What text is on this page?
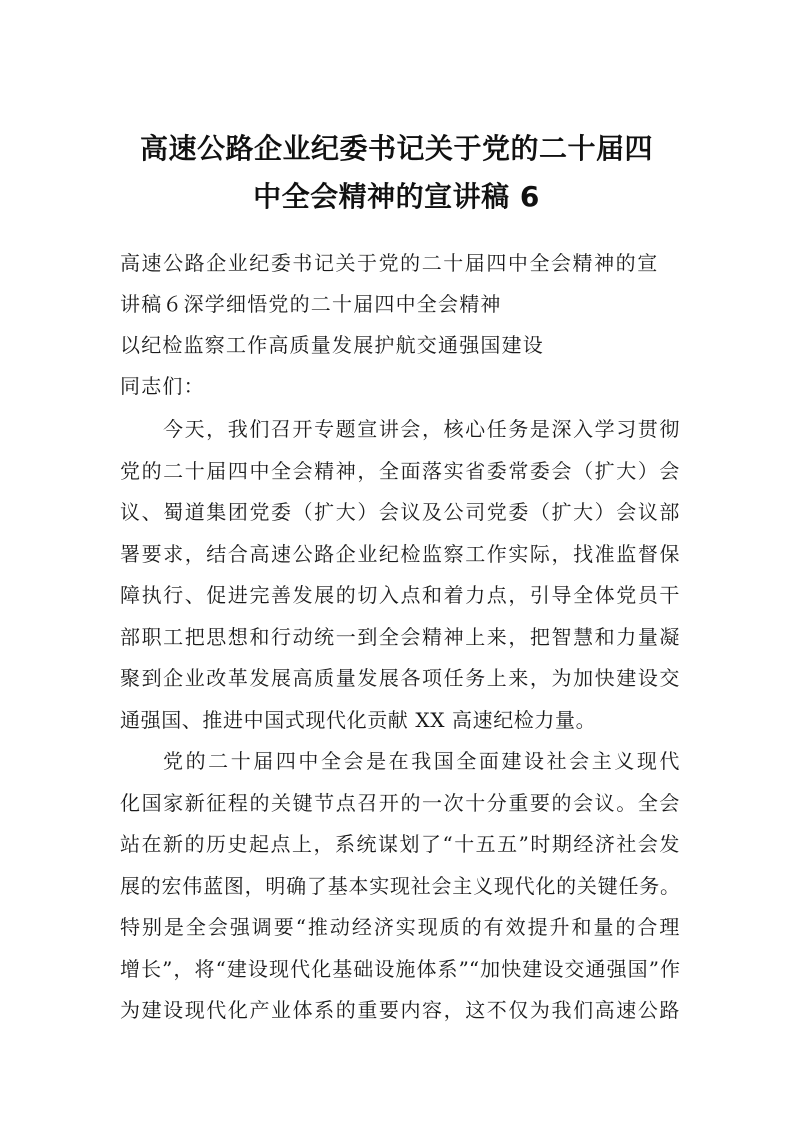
高速公路企业纪委书记关于党的二十届四
中全会精神的宣讲稿 6

高速公路企业纪委书记关于党的二十届四中全会精神的宣

讲稿６深学细悟党的二十届四中全会精神

以纪检监察工作高质量发展护航交通强国建设

同志们：

今天，我们召开专题宣讲会，核心任务是深入学习贯彻
党的二十届四中全会精神，全面落实省委常委会（扩大）会
议、蜀道集团党委（扩大）会议及公司党委（扩大）会议部
署要求，结合高速公路企业纪检监察工作实际，找准监督保
障执行、促进完善发展的切入点和着力点，引导全体党员干
部职工把思想和行动统一到全会精神上来，把智慧和力量凝
聚到企业改革发展高质量发展各项任务上来，为加快建设交
通强国、推进中国式现代化贡献 XX 高速纪检力量。
党的二十届四中全会是在我国全面建设社会主义现代
化国家新征程的关键节点召开的一次十分重要的会议。全会
站在新的历史起点上，系统谋划了“十五五”时期经济社会发
展的宏伟蓝图，明确了基本实现社会主义现代化的关键任务。
特别是全会强调要“推动经济实现质的有效提升和量的合理
增长”，将“建设现代化基础设施体系”“加快建设交通强国”作
为建设现代化产业体系的重要内容，这不仅为我们高速公路
